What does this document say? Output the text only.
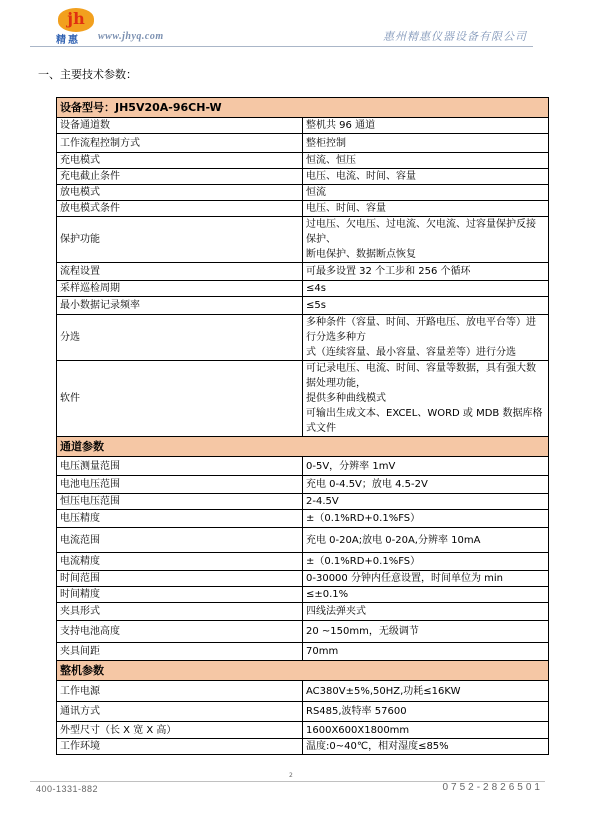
jh
精惠 www.jhyq.com	惠州精惠仪器设备有限公司
一、主要技术参数：
设备型号：JH5V20A-96CH-W	
设备通道数	整机共 96 通道

工作流程控制方式	整柜控制

充电模式	恒流、恒压

充电截止条件	电压、电流、时间、容量

放电模式	恒流

放电模式条件	电压、时间、容量

保护功能	过电压、欠电压、过电流、欠电流、过容量保护反接保护、
断电保护、数据断点恢复

流程设置	可最多设置 32 个工步和 256 个循环

采样巡检周期	≤4s

最小数据记录频率	≤5s

分选	多种条件（容量、时间、开路电压、放电平台等）进行分选多种方
式（连续容量、最小容量、容量差等）进行分选

软件	可记录电压、电流、时间、容量等数据，具有强大数据处理功能，
提供多种曲线模式
可输出生成文本、EXCEL、WORD 或 MDB 数据库格式文件

通道参数	
电压测量范围	0-5V，分辨率 1mV

电池电压范围	充电 0-4.5V；放电 4.5-2V

恒压电压范围	2-4.5V

电压精度	±（0.1%RD+0.1%FS）

电流范围	充电 0-20A;放电 0-20A,分辨率 10mA

电流精度	±（0.1%RD+0.1%FS）

时间范围	0-30000 分钟内任意设置，时间单位为 min

时间精度	≤±0.1%

夹具形式	四线法弹夹式

支持电池高度	20 ~150mm，无级调节

夹具间距	70mm

整机参数	
工作电源	AC380V±5%,50HZ,功耗≤16KW

通讯方式	RS485,波特率 57600

外型尺寸（长 X 宽 X 高）	1600X600X1800mm

工作环境	温度:0~40℃，相对湿度≤85%
2
400-1331-882	0752-2826501
